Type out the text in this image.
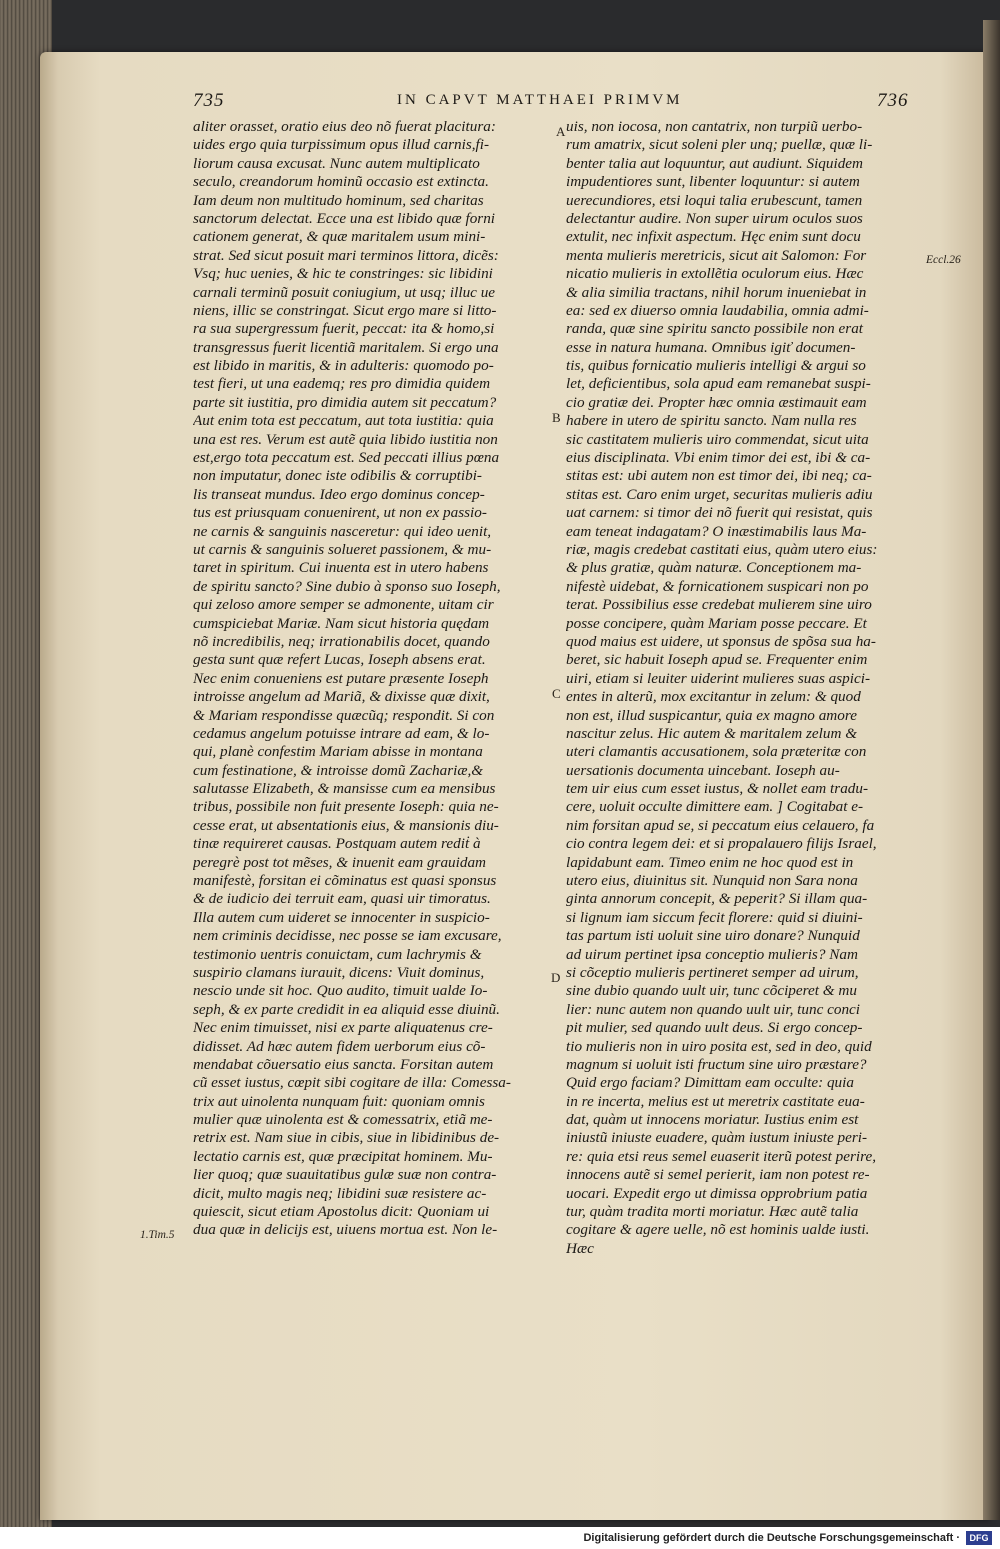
735	IN CAPVT MATTHAEI PRIMVM	736
aliter orasset, oratio eius deo nõ fuerat placitura:
uides ergo quia turpissimum opus illud carnis,fi-
liorum causa excusat. Nunc autem multiplicato
seculo, creandorum hominũ occasio est extincta.
Iam deum non multitudo hominum, sed charitas
sanctorum delectat. Ecce una est libido quæ forni
cationem generat, & quæ maritalem usum mini-
strat. Sed sicut posuit mari terminos littora, dicẽs:
Vsq; huc uenies, & hic te constringes: sic libidini
carnali terminũ posuit coniugium, ut usq; illuc ue
niens, illic se constringat. Sicut ergo mare si litto-
ra sua supergressum fuerit, peccat: ita & homo,si
transgressus fuerit licentiã maritalem. Si ergo una
est libido in maritis, & in adulteris: quomodo po-
test fieri, ut una eademq; res pro dimidia quidem
parte sit iustitia, pro dimidia autem sit peccatum?
Aut enim tota est peccatum, aut tota iustitia: quia
una est res. Verum est autẽ quia libido iustitia non
est,ergo tota peccatum est. Sed peccati illius pœna
non imputatur, donec iste odibilis & corruptibi-
lis transeat mundus. Ideo ergo dominus concep-
tus est priusquam conuenirent, ut non ex passio-
ne carnis & sanguinis nasceretur: qui ideo uenit,
ut carnis & sanguinis solueret passionem, & mu-
taret in spiritum. Cui inuenta est in utero habens
de spiritu sancto? Sine dubio à sponso suo Ioseph,
qui zeloso amore semper se admonente, uitam cir
cumspiciebat Mariæ. Nam sicut historia quędam
nõ incredibilis, neq; irrationabilis docet, quando
gesta sunt quæ refert Lucas, Ioseph absens erat.
Nec enim conueniens est putare præsente Ioseph
introisse angelum ad Mariã, & dixisse quæ dixit,
& Mariam respondisse quæcũq; respondit. Si con
cedamus angelum potuisse intrare ad eam, & lo-
qui, planè confestim Mariam abisse in montana
cum festinatione, & introisse domũ Zachariæ,&
salutasse Elizabeth, & mansisse cum ea mensibus
tribus, possibile non fuit presente Ioseph: quia ne-
cesse erat, ut absentationis eius, & mansionis diu-
tinæ requireret causas. Postquam autem rediṫ à
peregrè post tot mẽses, & inuenit eam grauidam
manifestè, forsitan ei cõminatus est quasi sponsus
& de iudicio dei terruit eam, quasi uir timoratus.
Illa autem cum uideret se innocenter in suspicio-
nem criminis decidisse, nec posse se iam excusare,
testimonio uentris conuictam, cum lachrymis &
suspirio clamans iurauit, dicens: Viuit dominus,
nescio unde sit hoc. Quo audito, timuit ualde Io-
seph, & ex parte credidit in ea aliquid esse diuinũ.
Nec enim timuisset, nisi ex parte aliquatenus cre-
didisset. Ad hæc autem fidem uerborum eius cõ-
mendabat cõuersatio eius sancta. Forsitan autem
cũ esset iustus, cœpit sibi cogitare de illa: Comessa-
trix aut uinolenta nunquam fuit: quoniam omnis
mulier quæ uinolenta est & comessatrix, etiã me-
retrix est. Nam siue in cibis, siue in libidinibus de-
lectatio carnis est, quæ præcipitat hominem. Mu-
lier quoq; quæ suauitatibus gulæ suæ non contra-
dicit, multo magis neq; libidini suæ resistere ac-
quiescit, sicut etiam Apostolus dicit: Quoniam ui
dua quæ in delicijs est, uiuens mortua est. Non le-
uis, non iocosa, non cantatrix, non turpiũ uerbo-
rum amatrix, sicut soleni pler unq; puellæ, quæ li-
benter talia aut loquuntur, aut audiunt. Siquidem
impudentiores sunt, libenter loquuntur: si autem
uerecundiores, etsi loqui talia erubescunt, tamen
delectantur audire. Non super uirum oculos suos
extulit, nec infixit aspectum. Hęc enim sunt docu
menta mulieris meretricis, sicut ait Salomon: For
nicatio mulieris in extollẽtia oculorum eius. Hæc
& alia similia tractans, nihil horum inueniebat in
ea: sed ex diuerso omnia laudabilia, omnia admi-
randa, quæ sine spiritu sancto possibile non erat
esse in natura humana. Omnibus igiť documen-
tis, quibus fornicatio mulieris intelligi & argui so
let, deficientibus, sola apud eam remanebat suspi-
cio gratiæ dei. Propter hæc omnia æstimauit eam
habere in utero de spiritu sancto. Nam nulla res
sic castitatem mulieris uiro commendat, sicut uita
eius disciplinata. Vbi enim timor dei est, ibi & ca-
stitas est: ubi autem non est timor dei, ibi neq; ca-
stitas est. Caro enim urget, securitas mulieris adiu
uat carnem: si timor dei nõ fuerit qui resistat, quis
eam teneat indagatam? O inæstimabilis laus Ma-
riæ, magis credebat castitati eius, quàm utero eius:
& plus gratiæ, quàm naturæ. Conceptionem ma-
nifestè uidebat, & fornicationem suspicari non po
terat. Possibilius esse credebat mulierem sine uiro
posse concipere, quàm Mariam posse peccare. Et
quod maius est uidere, ut sponsus de spõsa sua ha-
beret, sic habuit Ioseph apud se. Frequenter enim
uiri, etiam si leuiter uiderint mulieres suas aspici-
entes in alterũ, mox excitantur in zelum: & quod
non est, illud suspicantur, quia ex magno amore
nascitur zelus. Hic autem & maritalem zelum &
uteri clamantis accusationem, sola præteritæ con
uersationis documenta uincebant. Ioseph au-
tem uir eius cum esset iustus, & nollet eam tradu-
cere, uoluit occulte dimittere eam. ] Cogitabat e-
nim forsitan apud se, si peccatum eius celauero, fa
cio contra legem dei: et si propalauero filijs Israel,
lapidabunt eam. Timeo enim ne hoc quod est in
utero eius, diuinitus sit. Nunquid non Sara nona
ginta annorum concepit, & peperit? Si illam qua-
si lignum iam siccum fecit florere: quid si diuini-
tas partum isti uoluit sine uiro donare? Nunquid
ad uirum pertinet ipsa conceptio mulieris? Nam
si cõceptio mulieris pertineret semper ad uirum,
sine dubio quando uult uir, tunc cõciperet & mu
lier: nunc autem non quando uult uir, tunc conci
pit mulier, sed quando uult deus. Si ergo concep-
tio mulieris non in uiro posita est, sed in deo, quid
magnum si uoluit isti fructum sine uiro præstare?
Quid ergo faciam? Dimittam eam occulte: quia
in re incerta, melius est ut meretrix castitate eua-
dat, quàm ut innocens moriatur. Iustius enim est
iniustũ iniuste euadere, quàm iustum iniuste peri-
re: quia etsi reus semel euaserit iterũ potest perire,
innocens autẽ si semel perierit, iam non potest re-
uocari. Expedit ergo ut dimissa opprobrium patia
tur, quàm tradita morti moriatur. Hæc autẽ talia
cogitare & agere uelle, nõ est hominis ualde iusti.
Hæc
A
B
C
D
Eccl.26
1.Tim.5
Digitalisierung gefördert durch die Deutsche Forschungsgemeinschaft ·	DFG
